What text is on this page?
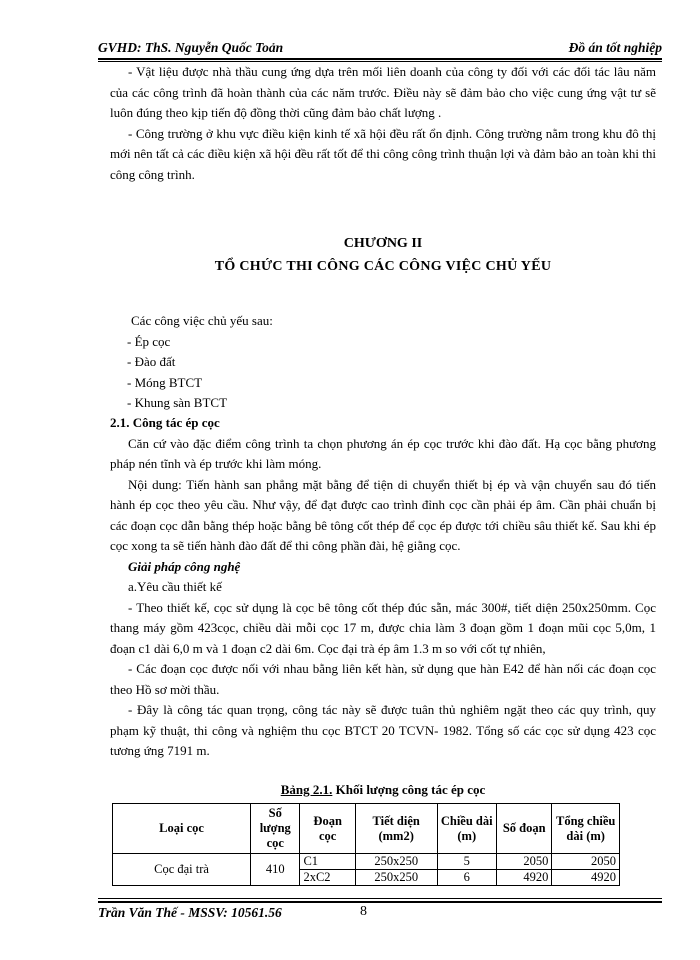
GVHD: ThS. Nguyễn Quốc Toản	Đồ án tốt nghiệp

- Vật liệu được nhà thầu cung ứng dựa trên mối liên doanh của công ty đối với các đối tác lâu năm của các công trình đã hoàn thành của các năm trước. Điều này sẽ đảm bảo cho việc cung ứng vật tư sẽ luôn đúng theo kịp tiến độ đồng thời cũng đảm bảo chất lượng .

- Công trường ở khu vực điều kiện kinh tế xã hội đều rất ổn định. Công trường nằm trong khu đô thị mới nên tất cả các điều kiện xã hội đều rất tốt để thi công công trình thuận lợi và đảm bảo an toàn khi thi công công trình.

CHƯƠNG II
TỔ CHỨC THI CÔNG CÁC CÔNG VIỆC CHỦ YẾU
Các công việc chủ yếu sau:
- Ép cọc
- Đào đất
- Móng BTCT
- Khung sàn BTCT
2.1. Công tác ép cọc

Căn cứ vào đặc điểm công trình ta chọn phương án ép cọc trước khi đào đất. Hạ cọc bằng phương pháp nén tĩnh và ép trước khi làm móng.

Nội dung: Tiến hành san phẳng mặt bằng để tiện di chuyển thiết bị ép và vận chuyển sau đó tiến hành ép cọc theo yêu cầu. Như vậy, để đạt được cao trình đỉnh cọc cần phải ép âm. Cần phải chuẩn bị các đoạn cọc dẫn bằng thép hoặc bằng bê tông cốt thép để cọc ép được tới chiều sâu thiết kế. Sau khi ép cọc xong ta sẽ tiến hành đào đất để thi công phần đài, hệ giằng cọc.

Giải pháp công nghệ
a.Yêu cầu thiết kế

- Theo thiết kế, cọc sử dụng là cọc bê tông cốt thép đúc sẵn, mác 300#, tiết diện 250x250mm. Cọc thang máy gồm 423cọc, chiều dài mỗi cọc 17 m, được chia làm 3 đoạn gồm 1 đoạn mũi cọc 5,0m, 1 đoạn c1 dài 6,0 m và 1 đoạn c2 dài 6m. Cọc đại trà ép âm 1.3 m so với cốt tự nhiên,

- Các đoạn cọc được nối với nhau bằng liên kết hàn, sử dụng que hàn E42 để hàn nối các đoạn cọc theo Hồ sơ mời thầu.

- Đây là công tác quan trọng, công tác này sẽ được tuân thủ nghiêm ngặt theo các quy trình, quy phạm kỹ thuật, thi công và nghiệm thu cọc BTCT 20 TCVN- 1982. Tổng số các cọc sử dụng 423 cọc tương ứng 7191 m.

Bảng 2.1. Khối lượng công tác ép cọc
Loại cọc	Số lượng cọc	Đoạn cọc	Tiết diện (mm2)	Chiều dài (m)	Số đoạn	Tổng chiều dài (m)
Cọc đại trà	410	C1	250x250	5	2050	2050
		2xC2	250x250	6	4920	4920
Trần Văn Thế - MSSV: 10561.56	8
